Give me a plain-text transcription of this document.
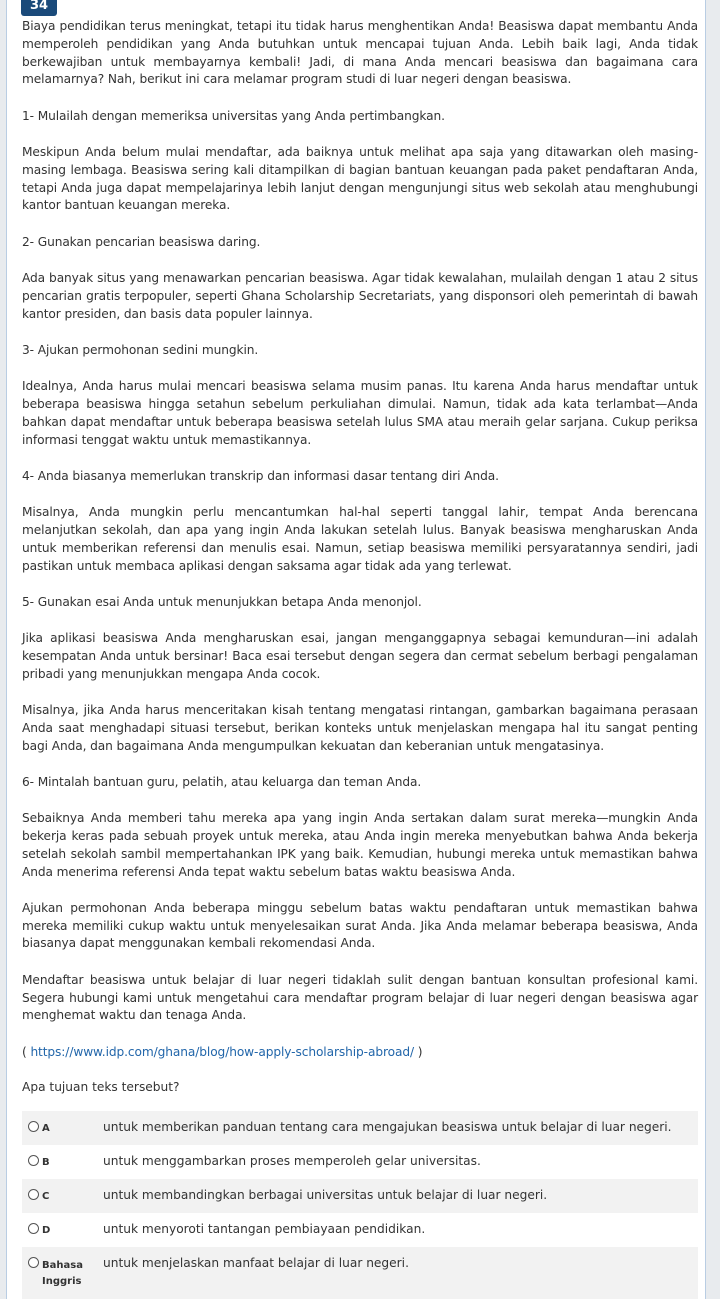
34

Biaya pendidikan terus meningkat, tetapi itu tidak harus menghentikan Anda! Beasiswa dapat membantu Anda memperoleh pendidikan yang Anda butuhkan untuk mencapai tujuan Anda. Lebih baik lagi, Anda tidak berkewajiban untuk membayarnya kembali! Jadi, di mana Anda mencari beasiswa dan bagaimana cara melamarnya? Nah, berikut ini cara melamar program studi di luar negeri dengan beasiswa.

1- Mulailah dengan memeriksa universitas yang Anda pertimbangkan.

Meskipun Anda belum mulai mendaftar, ada baiknya untuk melihat apa saja yang ditawarkan oleh masing-masing lembaga. Beasiswa sering kali ditampilkan di bagian bantuan keuangan pada paket pendaftaran Anda, tetapi Anda juga dapat mempelajarinya lebih lanjut dengan mengunjungi situs web sekolah atau menghubungi kantor bantuan keuangan mereka.

2- Gunakan pencarian beasiswa daring.

Ada banyak situs yang menawarkan pencarian beasiswa. Agar tidak kewalahan, mulailah dengan 1 atau 2 situs pencarian gratis terpopuler, seperti Ghana Scholarship Secretariats, yang disponsori oleh pemerintah di bawah kantor presiden, dan basis data populer lainnya.

3- Ajukan permohonan sedini mungkin.

Idealnya, Anda harus mulai mencari beasiswa selama musim panas. Itu karena Anda harus mendaftar untuk beberapa beasiswa hingga setahun sebelum perkuliahan dimulai. Namun, tidak ada kata terlambat—Anda bahkan dapat mendaftar untuk beberapa beasiswa setelah lulus SMA atau meraih gelar sarjana. Cukup periksa informasi tenggat waktu untuk memastikannya.

4- Anda biasanya memerlukan transkrip dan informasi dasar tentang diri Anda.

Misalnya, Anda mungkin perlu mencantumkan hal-hal seperti tanggal lahir, tempat Anda berencana melanjutkan sekolah, dan apa yang ingin Anda lakukan setelah lulus. Banyak beasiswa mengharuskan Anda untuk memberikan referensi dan menulis esai. Namun, setiap beasiswa memiliki persyaratannya sendiri, jadi pastikan untuk membaca aplikasi dengan saksama agar tidak ada yang terlewat.

5- Gunakan esai Anda untuk menunjukkan betapa Anda menonjol.

Jika aplikasi beasiswa Anda mengharuskan esai, jangan menganggapnya sebagai kemunduran—ini adalah kesempatan Anda untuk bersinar! Baca esai tersebut dengan segera dan cermat sebelum berbagi pengalaman pribadi yang menunjukkan mengapa Anda cocok.

Misalnya, jika Anda harus menceritakan kisah tentang mengatasi rintangan, gambarkan bagaimana perasaan Anda saat menghadapi situasi tersebut, berikan konteks untuk menjelaskan mengapa hal itu sangat penting bagi Anda, dan bagaimana Anda mengumpulkan kekuatan dan keberanian untuk mengatasinya.

6- Mintalah bantuan guru, pelatih, atau keluarga dan teman Anda.

Sebaiknya Anda memberi tahu mereka apa yang ingin Anda sertakan dalam surat mereka—mungkin Anda bekerja keras pada sebuah proyek untuk mereka, atau Anda ingin mereka menyebutkan bahwa Anda bekerja setelah sekolah sambil mempertahankan IPK yang baik. Kemudian, hubungi mereka untuk memastikan bahwa Anda menerima referensi Anda tepat waktu sebelum batas waktu beasiswa Anda.

Ajukan permohonan Anda beberapa minggu sebelum batas waktu pendaftaran untuk memastikan bahwa mereka memiliki cukup waktu untuk menyelesaikan surat Anda. Jika Anda melamar beberapa beasiswa, Anda biasanya dapat menggunakan kembali rekomendasi Anda.

Mendaftar beasiswa untuk belajar di luar negeri tidaklah sulit dengan bantuan konsultan profesional kami. Segera hubungi kami untuk mengetahui cara mendaftar program belajar di luar negeri dengan beasiswa agar menghemat waktu dan tenaga Anda.

( https://www.idp.com/ghana/blog/how-apply-scholarship-abroad/ )

Apa tujuan teks tersebut?

A	untuk memberikan panduan tentang cara mengajukan beasiswa untuk belajar di luar negeri.
B	untuk menggambarkan proses memperoleh gelar universitas.
C	untuk membandingkan berbagai universitas untuk belajar di luar negeri.
D	untuk menyoroti tantangan pembiayaan pendidikan.
Bahasa Inggris
untuk menjelaskan manfaat belajar di luar negeri.
